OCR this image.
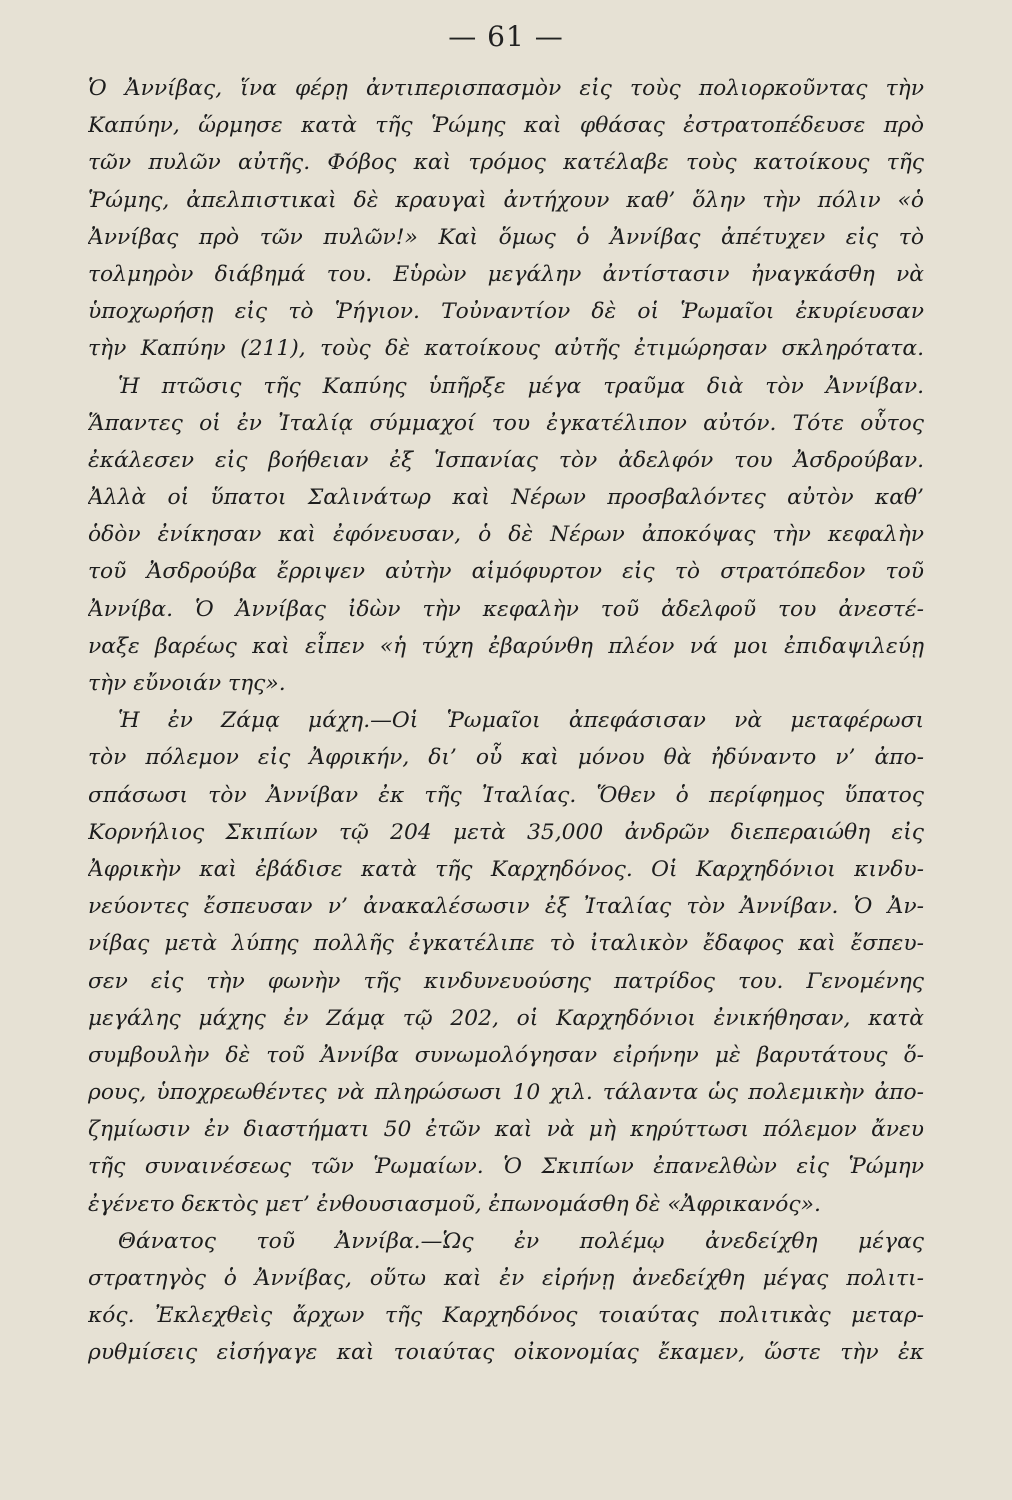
— 61 —
Ὁ Ἀννίβας, ἵνα φέρῃ ἀντιπερισπασμὸν εἰς τοὺς πολιορκοῦντας τὴν
Καπύην, ὥρμησε κατὰ τῆς Ῥώμης καὶ φθάσας ἐστρατοπέδευσε πρὸ
τῶν πυλῶν αὐτῆς. Φόβος καὶ τρόμος κατέλαβε τοὺς κατοίκους τῆς
Ῥώμης, ἀπελπιστικαὶ δὲ κραυγαὶ ἀντήχουν καθ’ ὅλην τὴν πόλιν «ὁ
Ἀννίβας πρὸ τῶν πυλῶν!» Καὶ ὅμως ὁ Ἀννίβας ἀπέτυχεν εἰς τὸ
τολμηρὸν διάβημά του. Εὑρὼν μεγάλην ἀντίστασιν ἠναγκάσθη νὰ
ὑποχωρήσῃ εἰς τὸ Ῥήγιον. Τοὐναντίον δὲ οἱ Ῥωμαῖοι ἐκυρίευσαν
τὴν Καπύην (211), τοὺς δὲ κατοίκους αὐτῆς ἐτιμώρησαν σκληρότατα.
Ἡ πτῶσις τῆς Καπύης ὑπῆρξε μέγα τραῦμα διὰ τὸν Ἀννίβαν.
Ἅπαντες οἱ ἐν Ἰταλίᾳ σύμμαχοί του ἐγκατέλιπον αὐτόν. Τότε οὗτος
ἐκάλεσεν εἰς βοήθειαν ἐξ Ἱσπανίας τὸν ἀδελφόν του Ἀσδρούβαν.
Ἀλλὰ οἱ ὕπατοι Σαλινάτωρ καὶ Νέρων προσβαλόντες αὐτὸν καθ’
ὁδὸν ἐνίκησαν καὶ ἐφόνευσαν, ὁ δὲ Νέρων ἀποκόψας τὴν κεφαλὴν
τοῦ Ἀσδρούβα ἔρριψεν αὐτὴν αἱμόφυρτον εἰς τὸ στρατόπεδον τοῦ
Ἀννίβα. Ὁ Ἀννίβας ἰδὼν τὴν κεφαλὴν τοῦ ἀδελφοῦ του ἀνεστέ-
ναξε βαρέως καὶ εἶπεν «ἡ τύχη ἐβαρύνθη πλέον νά μοι ἐπιδαψιλεύῃ
τὴν εὔνοιάν της».
Ἡ ἐν Ζάμᾳ μάχη.—Οἱ Ῥωμαῖοι ἀπεφάσισαν νὰ μεταφέρωσι
τὸν πόλεμον εἰς Ἀφρικήν, δι’ οὗ καὶ μόνου θὰ ἠδύναντο ν’ ἀπο-
σπάσωσι τὸν Ἀννίβαν ἐκ τῆς Ἰταλίας. Ὅθεν ὁ περίφημος ὕπατος
Κορνήλιος Σκιπίων τῷ 204 μετὰ 35,000 ἀνδρῶν διεπεραιώθη εἰς
Ἀφρικὴν καὶ ἐβάδισε κατὰ τῆς Καρχηδόνος. Οἱ Καρχηδόνιοι κινδυ-
νεύοντες ἔσπευσαν ν’ ἀνακαλέσωσιν ἐξ Ἰταλίας τὸν Ἀννίβαν. Ὁ Ἀν-
νίβας μετὰ λύπης πολλῆς ἐγκατέλιπε τὸ ἰταλικὸν ἔδαφος καὶ ἔσπευ-
σεν εἰς τὴν φωνὴν τῆς κινδυνευούσης πατρίδος του. Γενομένης
μεγάλης μάχης ἐν Ζάμᾳ τῷ 202, οἱ Καρχηδόνιοι ἐνικήθησαν, κατὰ
συμβουλὴν δὲ τοῦ Ἀννίβα συνωμολόγησαν εἰρήνην μὲ βαρυτάτους ὅ-
ρους, ὑποχρεωθέντες νὰ πληρώσωσι 10 χιλ. τάλαντα ὡς πολεμικὴν ἀπο-
ζημίωσιν ἐν διαστήματι 50 ἐτῶν καὶ νὰ μὴ κηρύττωσι πόλεμον ἄνευ
τῆς συναινέσεως τῶν Ῥωμαίων. Ὁ Σκιπίων ἐπανελθὼν εἰς Ῥώμην
ἐγένετο δεκτὸς μετ’ ἐνθουσιασμοῦ, ἐπωνομάσθη δὲ «Ἀφρικανός».
Θάνατος τοῦ Ἀννίβα.—Ὡς ἐν πολέμῳ ἀνεδείχθη μέγας
στρατηγὸς ὁ Ἀννίβας, οὕτω καὶ ἐν εἰρήνῃ ἀνεδείχθη μέγας πολιτι-
κός. Ἐκλεχθεὶς ἄρχων τῆς Καρχηδόνος τοιαύτας πολιτικὰς μεταρ-
ρυθμίσεις εἰσήγαγε καὶ τοιαύτας οἰκονομίας ἔκαμεν, ὥστε τὴν ἐκ
